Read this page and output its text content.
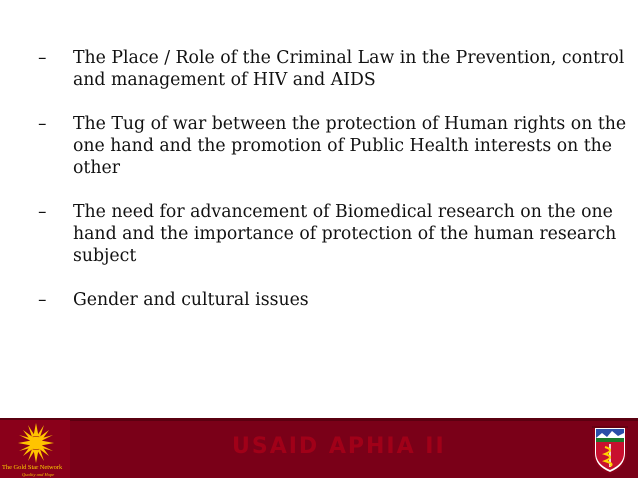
– The Place / Role of the Criminal Law in the Prevention, control and management of HIV and AIDS
– The Tug of war between the protection of Human rights on the one hand and the promotion of Public Health interests on the other
– The need for advancement of Biomedical research on the one hand and the importance of protection of the human research subject
– Gender and cultural issues
The Gold Star Network
Quality and Hope
USAID APHIA II
